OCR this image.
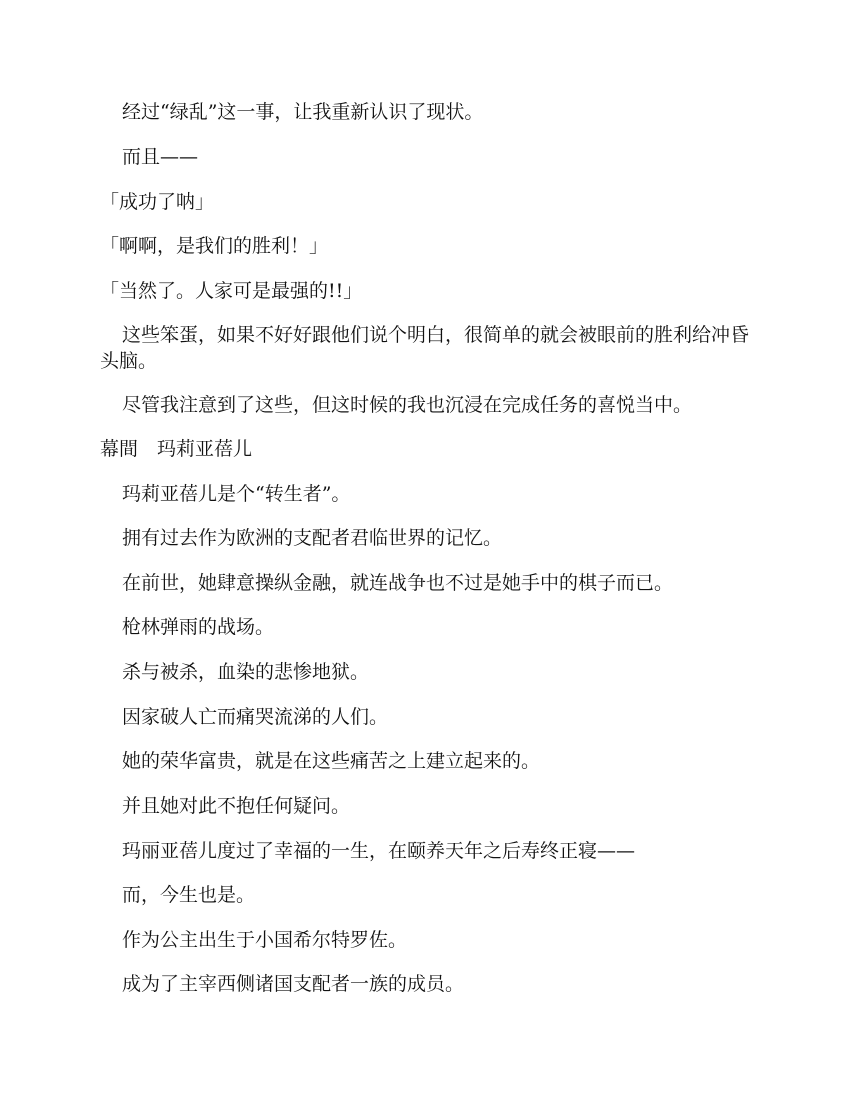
经过“绿乱”这一事，让我重新认识了现状。

而且——

「成功了呐」

「啊啊，是我们的胜利！」

「当然了。人家可是最强的!!」

这些笨蛋，如果不好好跟他们说个明白，很简单的就会被眼前的胜利给冲昏头脑。

尽管我注意到了这些，但这时候的我也沉浸在完成任务的喜悦当中。

幕間　玛莉亚蓓儿

玛莉亚蓓儿是个“转生者”。

拥有过去作为欧洲的支配者君临世界的记忆。

在前世，她肆意操纵金融，就连战争也不过是她手中的棋子而已。

枪林弹雨的战场。

杀与被杀，血染的悲惨地狱。

因家破人亡而痛哭流涕的人们。

她的荣华富贵，就是在这些痛苦之上建立起来的。

并且她对此不抱任何疑问。

玛丽亚蓓儿度过了幸福的一生，在颐养天年之后寿终正寝——

而，今生也是。

作为公主出生于小国希尔特罗佐。

成为了主宰西侧诸国支配者一族的成员。
